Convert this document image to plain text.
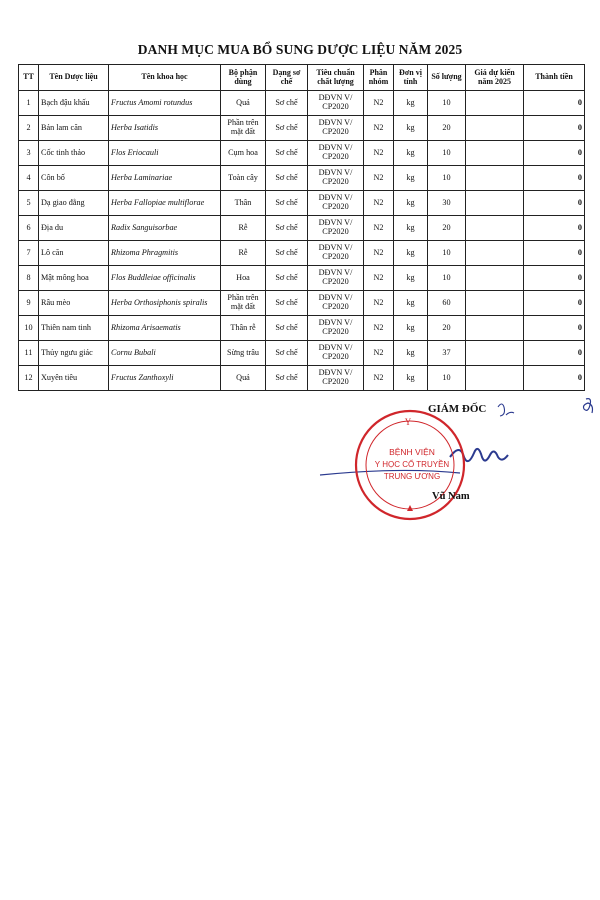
DANH MỤC MUA BỔ SUNG DƯỢC LIỆU NĂM 2025
TT	Tên Dược liệu	Tên khoa học	Bộ phận dùng	Dạng sơ chế	Tiêu chuẩn chất lượng	Phân nhóm	Đơn vị tính	Số lượng	Giá dự kiến năm 2025	Thành tiền
1	Bạch đậu khấu	Fructus Amomi rotundus	Quả	Sơ chế	DĐVN V/ CP2020	N2	kg	10		0
2	Bản lam căn	Herba Isatidis	Phần trên mặt đất	Sơ chế	DĐVN V/ CP2020	N2	kg	20		0
3	Cốc tinh thảo	Flos Eriocauli	Cụm hoa	Sơ chế	DĐVN V/ CP2020	N2	kg	10		0
4	Côn bố	Herba Laminariae	Toàn cây	Sơ chế	DĐVN V/ CP2020	N2	kg	10		0
5	Dạ giao đằng	Herba Fallopiae multiflorae	Thân	Sơ chế	DĐVN V/ CP2020	N2	kg	30		0
6	Địa du	Radix Sanguisorbae	Rễ	Sơ chế	DĐVN V/ CP2020	N2	kg	20		0
7	Lô căn	Rhizoma Phragmitis	Rễ	Sơ chế	DĐVN V/ CP2020	N2	kg	10		0
8	Mật mông hoa	Flos Buddleiae officinalis	Hoa	Sơ chế	DĐVN V/ CP2020	N2	kg	10		0
9	Râu mèo	Herba Orthosiphonis spiralis	Phần trên mặt đất	Sơ chế	DĐVN V/ CP2020	N2	kg	60		0
10	Thiên nam tinh	Rhizoma Arisaematis	Thân rễ	Sơ chế	DĐVN V/ CP2020	N2	kg	20		0
11	Thủy ngưu giác	Cornu Bubali	Sừng trâu	Sơ chế	DĐVN V/ CP2020	N2	kg	37		0
12	Xuyên tiêu	Fructus Zanthoxyli	Quả	Sơ chế	DĐVN V/ CP2020	N2	kg	10		0
BỆNH VIỆN
Y HỌC CỔ TRUYỀN
TRUNG ƯƠNG
Y
GIÁM ĐỐC
Vũ Nam
